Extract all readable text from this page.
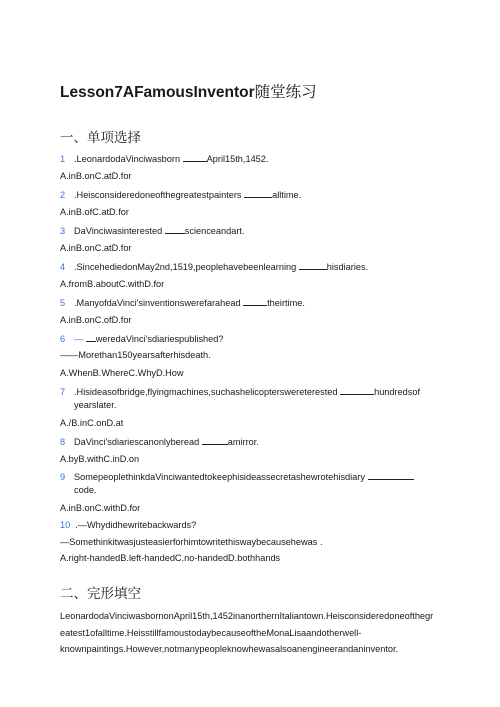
Lesson7AFamousInventor随堂练习
一、单项选择
1 .LeonardodaVinciwasborn	April15th,1452.
A.inB.onC.atD.for
2 .Heisconsideredoneofthegreatestpainters	alltime.
A.inB.ofC.atD.for
3 DaVinciwasinterested scienceandart.
A.inB.onC.atD.for
4 .SincehediedonMay2nd,1519,peoplehavebeenlearning	hisdiaries.
A.fromB.aboutC.withD.for
5 .ManyofdaVinci'sinventionswerefarahead	theirtime.
A.inB.onC.ofD.for
6 — weredaVinci'sdiariespublished?
——Morethan150yearsafterhisdeath.
A.WhenB.WhereC.WhyD.How
7 .Hisideasofbridge,flyingmachines,suchashelicopterswereterested	hundredsof
yearslater.
A./B.inC.onD.at
8 DaVinci'sdiariescanonlyberead	amirror.
A.byB.withC.inD.on
9 SomepeoplethinkdaVinciwantedtokeephisideassecretashewrotehisdiary
code.
A.inB.onC.withD.for
10 .—Whydidhewritebackwards?
—Somethinkitwasjusteasierforhimtowritethiswaybecausehewas .
A.right-handedB.left-handedC.no-handedD.bothhands
二、完形填空
LeonardodaVinciwasbornonApril15th,1452inanorthernItaliantown.Heisconsideredoneofthegr
eatest1ofalltime.HeisstillfamoustodaybecauseoftheMonaLisaandotherwell-
knownpaintings.However,notmanypeopleknowhewasalsoanengineerandaninventor.
